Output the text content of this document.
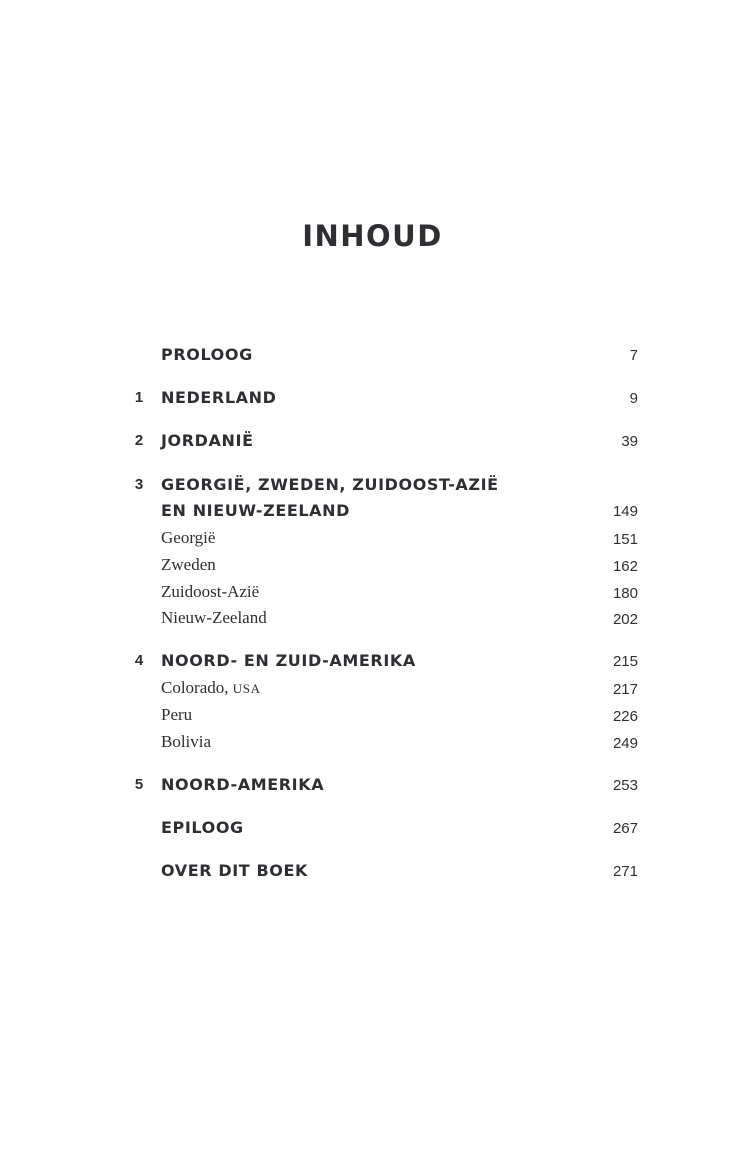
INHOUD
PROLOOG	7
1	NEDERLAND	9
2	JORDANIË	39
3	GEORGIË, ZWEDEN, ZUIDOOST-AZIË
EN NIEUW-ZEELAND	149
Georgië	151
Zweden	162
Zuidoost-Azië	180
Nieuw-Zeeland	202
4	NOORD- EN ZUID-AMERIKA	215
Colorado, USA	217
Peru	226
Bolivia	249
5	NOORD-AMERIKA	253
EPILOOG	267
OVER DIT BOEK	271
